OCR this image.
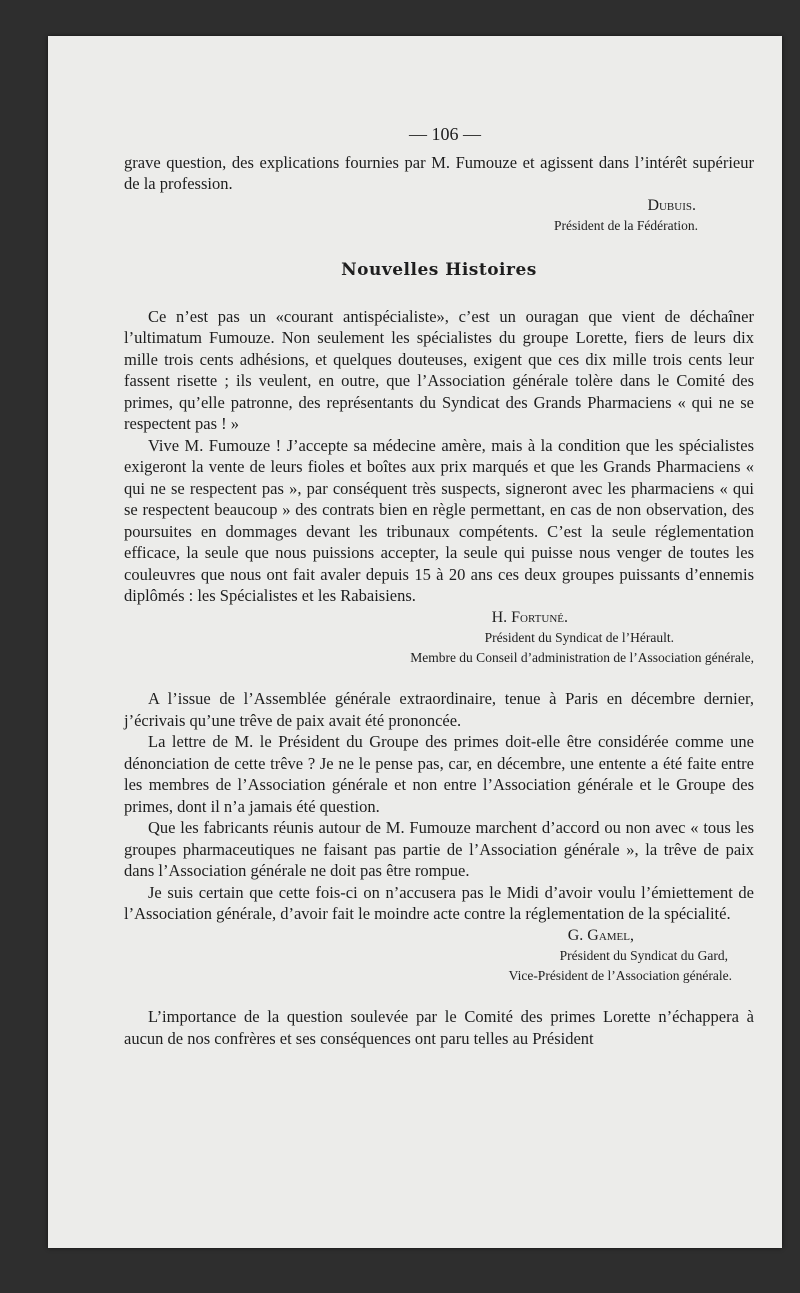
— 106 —

grave question, des explications fournies par M. Fumouze et agissent dans l’intérêt supérieur de la profession.

Dubuis.
Président de la Fédération.
Nouvelles Histoires

Ce n’est pas un «courant antispécialiste», c’est un ouragan que vient de déchaîner l’ultimatum Fumouze. Non seulement les spécialistes du groupe Lorette, fiers de leurs dix mille trois cents adhésions, et quelques douteuses, exigent que ces dix mille trois cents leur fassent risette ; ils veulent, en outre, que l’Association générale tolère dans le Comité des primes, qu’elle patronne, des représentants du Syndicat des Grands Pharmaciens « qui ne se respectent pas ! »

Vive M. Fumouze ! J’accepte sa médecine amère, mais à la condition que les spécialistes exigeront la vente de leurs fioles et boîtes aux prix marqués et que les Grands Pharmaciens « qui ne se respectent pas », par conséquent très suspects, signeront avec les pharmaciens « qui se respectent beaucoup » des contrats bien en règle permettant, en cas de non observation, des poursuites en dommages devant les tribunaux compétents. C’est la seule réglementation efficace, la seule que nous puissions accepter, la seule qui puisse nous venger de toutes les couleuvres que nous ont fait avaler depuis 15 à 20 ans ces deux groupes puissants d’ennemis diplômés : les Spécialistes et les Rabaisiens.

H. Fortuné.
Président du Syndicat de l’Hérault.
Membre du Conseil d’administration de l’Association générale,

A l’issue de l’Assemblée générale extraordinaire, tenue à Paris en décembre dernier, j’écrivais qu’une trêve de paix avait été prononcée.

La lettre de M. le Président du Groupe des primes doit-elle être considérée comme une dénonciation de cette trêve ? Je ne le pense pas, car, en décembre, une entente a été faite entre les membres de l’Association générale et non entre l’Association générale et le Groupe des primes, dont il n’a jamais été question.

Que les fabricants réunis autour de M. Fumouze marchent d’accord ou non avec « tous les groupes pharmaceutiques ne faisant pas partie de l’Association générale », la trêve de paix dans l’Association générale ne doit pas être rompue.

Je suis certain que cette fois-ci on n’accusera pas le Midi d’avoir voulu l’émiettement de l’Association générale, d’avoir fait le moindre acte contre la réglementation de la spécialité.

G. Gamel,
Président du Syndicat du Gard,
Vice-Président de l’Association générale.

L’importance de la question soulevée par le Comité des primes Lorette n’échappera à aucun de nos confrères et ses conséquences ont paru telles au Président
